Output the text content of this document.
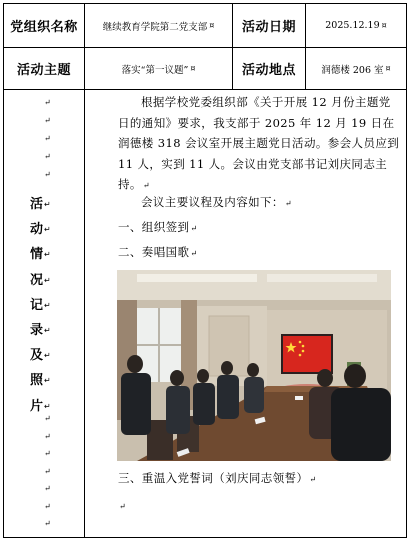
党组织名称	继续教育学院第二党支部 ¤	活动日期	2025.12.19 ¤
活动主题	落实“第一议题” ¤	活动地点	润德楼 206 室 ¤
↵
↵
↵
↵
↵
活 ↵
动 ↵
情 ↵
况 ↵
记 ↵
录 ↵
及 ↵
照 ↵
片 ↵
↵
↵
↵
↵
↵
↵
↵
根据学校党委组织部《关于开展 12 月份主题党日的通知》要求，我支部于 2025 年 12 月 19 日在润德楼 318 会议室开展主题党日活动。参会人员应到 11 人，实到 11 人。会议由党支部书记刘庆同志主持。↵
会议主要议程及内容如下：↵
一、组织签到↵
二、奏唱国歌↵
三、重温入党誓词（刘庆同志领誓）↵
↵
